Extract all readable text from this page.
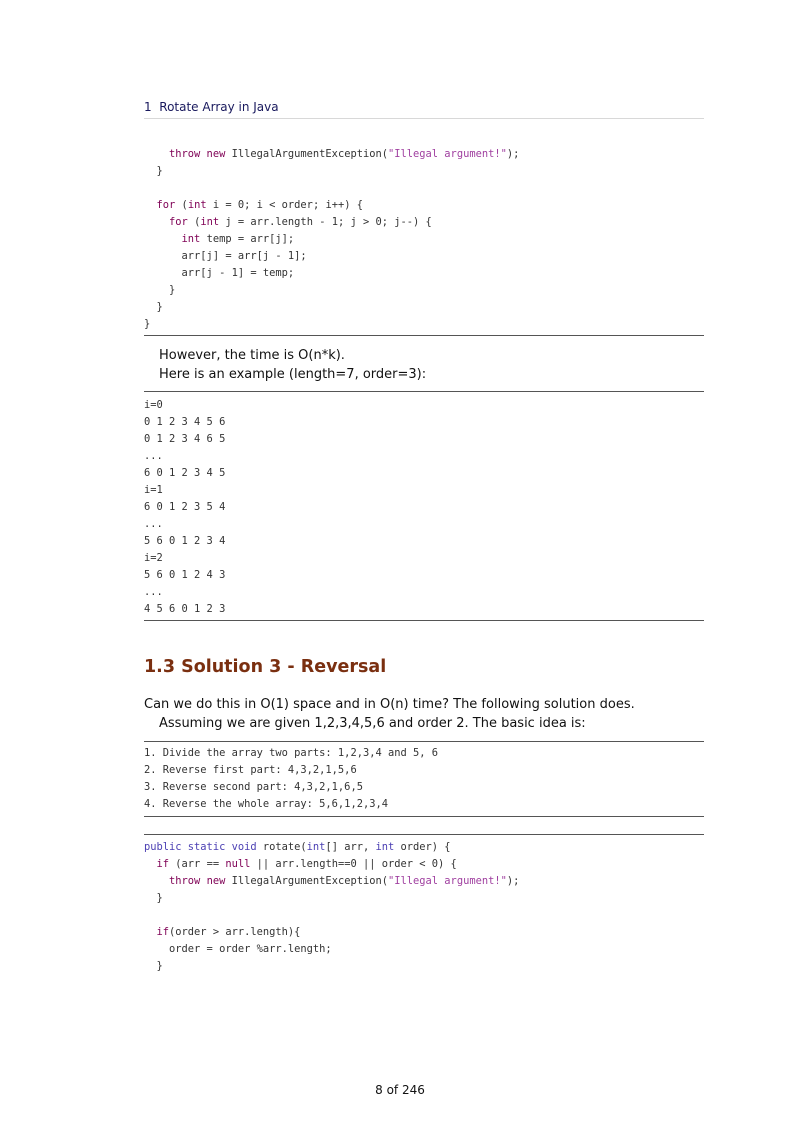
1 Rotate Array in Java
throw new IllegalArgumentException("Illegal argument!");
}
for (int i = 0; i < order; i++) {
for (int j = arr.length - 1; j > 0; j--) {
int temp = arr[j];
arr[j] = arr[j - 1];
arr[j - 1] = temp;
}
}
}
However, the time is O(n*k).
Here is an example (length=7, order=3):
i=0
0 1 2 3 4 5 6
0 1 2 3 4 6 5
...
6 0 1 2 3 4 5
i=1
6 0 1 2 3 5 4
...
5 6 0 1 2 3 4
i=2
5 6 0 1 2 4 3
...
4 5 6 0 1 2 3
1.3 Solution 3 - Reversal
Can we do this in O(1) space and in O(n) time? The following solution does.
Assuming we are given 1,2,3,4,5,6 and order 2. The basic idea is:
1. Divide the array two parts: 1,2,3,4 and 5, 6
2. Reverse first part: 4,3,2,1,5,6
3. Reverse second part: 4,3,2,1,6,5
4. Reverse the whole array: 5,6,1,2,3,4
public static void rotate(int[] arr, int order) {
if (arr == null || arr.length==0 || order < 0) {
throw new IllegalArgumentException("Illegal argument!");
}
if(order > arr.length){
order = order %arr.length;
}
8 of 246
